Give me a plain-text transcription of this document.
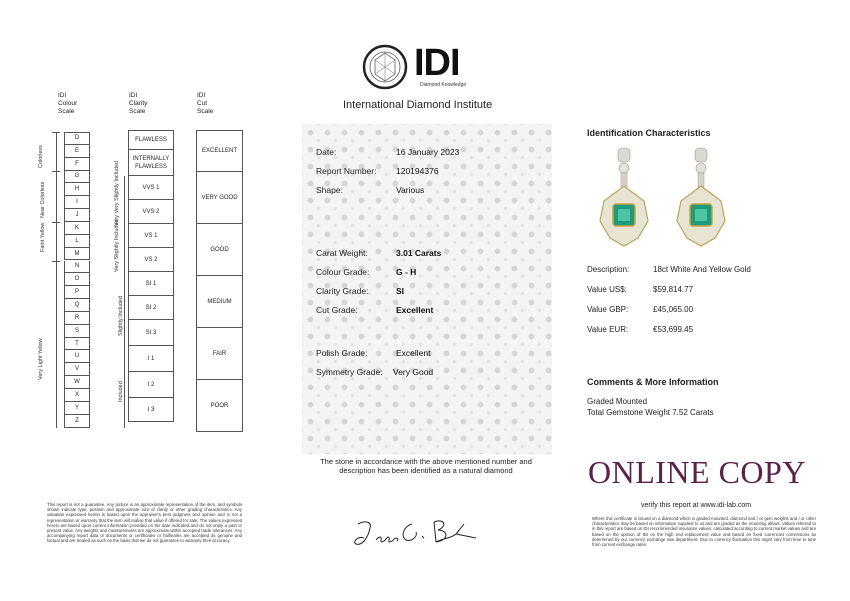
IDI
Diamond Knowledge
International Diamond Institute
IDI
Colour
Scale
IDI
Clarity
Scale
IDI
Cut
Scale
D
E
F
G
H
I
J
K
L
M
N
O
P
Q
R
S
T
U
V
W
X
Y
Z
Colorless
Near Colorless
Faint Yellow
Very Light Yellow
FLAWLESS
INTERNALLY FLAWLESS
VVS 1
VVS 2
VS 1
VS 2
SI 1
SI 2
SI 3
I 1
I 2
I 3
Very Very Slightly Included
Very Slightly Included
Slightly Included
Included
EXCELLENT
VERY GOOD
GOOD
MEDIUM
FAIR
POOR
Date:	16 January 2023
Report Number: 120194376
Shape:	Various
Carat Weight:	3.01 Carats
Colour Grade:	G - H
Clarity Grade:	SI
Cut Grade:	Excellent
Polish Grade:	Excellent
Symmetry Grade: Very Good
The stone in accordance with the above mentioned number and description has been identified as a natural diamond
Identification Characteristics
Description:	18ct White And Yellow Gold
Value US$:	$59,814.77
Value GBP:	£45,065.00
Value EUR:	€53,699.45
Comments & More Information
Graded Mounted
Total Gemstone Weight 7.52 Carats
ONLINE COPY
verify this report at www.idi-lab.com
Where this certificate is issued on a diamond which is graded mounted, diamond and / or gem weights and / or other characteristics may be based on information supplied to us and are graded as the mounting allows. Values referred to in this report are based on IDI recommended insurance values, calculated according to current market values and are based on the opinion of IDI on the high end replacement value and based on fixed currencies conversions as determined by our currency exchange rate department. Due to currency fluctuation this might vary from time to time from current exchange rates.
This report is not a guarantee. Any picture is an approximate representation of the item, and symbols shown indicate type, position and approximate size of clarity or other grading characteristics. Any valuation expressed herein is based upon the appraiser's best judgment and opinion and is not a representation or warranty that the item will realise that value if offered for sale. The values expressed herein are based upon current information provided on the date indicated and do not imply a past or present value. Any weights and measurements are approximate within accepted trade tolerances. Any accompanying report data or documents or certificates or hallmarks are accepted as genuine and factual and are treated as such on the basis that we do not guarantee to warranty their accuracy.
